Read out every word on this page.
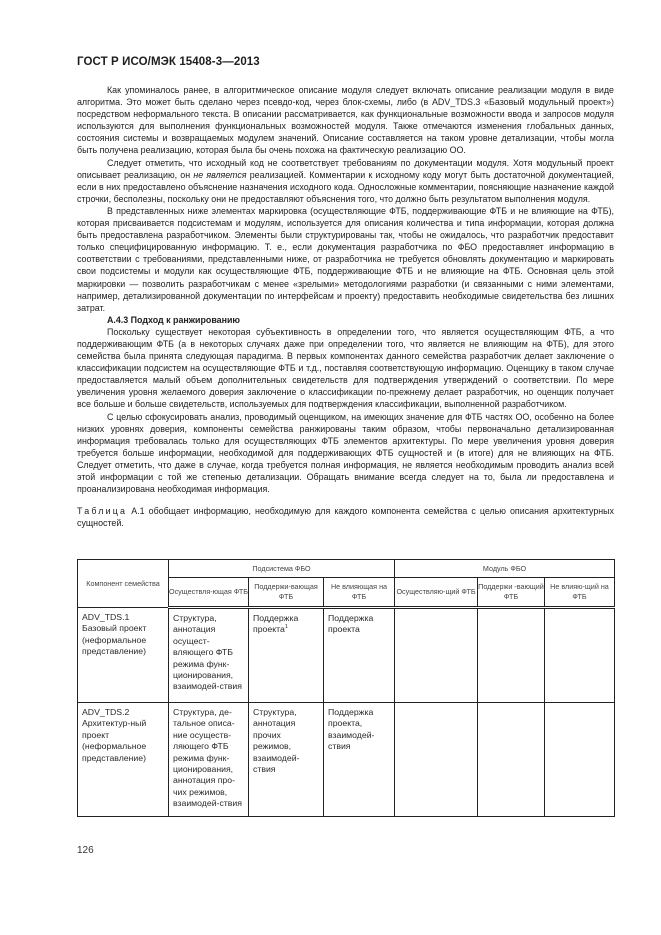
ГОСТ Р ИСО/МЭК 15408-3—2013

Как упоминалось ранее, в алгоритмическое описание модуля следует включать описание реализации модуля в виде алгоритма. Это может быть сделано через псевдо-код, через блок-схемы, либо (в ADV_TDS.3 «Базовый модульный проект») посредством неформального текста. В описании рассматривается, как функциональные возможности ввода и запросов модуля используются для выполнения функциональных возможностей модуля. Также отмечаются изменения глобальных данных, состояния системы и возвращаемых модулем значений. Описание составляется на таком уровне детализации, чтобы могла быть получена реализацию, которая была бы очень похожа на фактическую реализацию ОО.

Следует отметить, что исходный код не соответствует требованиям по документации модуля. Хотя модульный проект описывает реализацию, он не является реализацией. Комментарии к исходному коду могут быть достаточной документацией, если в них предоставлено объяснение назначения исходного кода. Односложные комментарии, поясняющие назначение каждой строчки, бесполезны, поскольку они не предоставляют объяснения того, что должно быть результатом выполнения модуля.

В представленных ниже элементах маркировка (осуществляющие ФТБ, поддерживающие ФТБ и не влияющие на ФТБ), которая присваивается подсистемам и модулям, используется для описания количества и типа информации, которая должна быть предоставлена разработчиком. Элементы были структурированы так, чтобы не ожидалось, что разработчик предоставит только специфицированную информацию. Т. е., если документация разработчика по ФБО предоставляет информацию в соответствии с требованиями, представленными ниже, от разработчика не требуется обновлять документацию и маркировать свои подсистемы и модули как осуществляющие ФТБ, поддерживающие ФТБ и не влияющие на ФТБ. Основная цель этой маркировки — позволить разработчикам с менее «зрелыми» методологиями разработки (и связанными с ними элементами, например, детализированной документации по интерфейсам и проекту) предоставить необходимые свидетельства без лишних затрат.

А.4.3 Подход к ранжированию

Поскольку существует некоторая субъективность в определении того, что является осуществляющим ФТБ, а что поддерживающим ФТБ (а в некоторых случаях даже при определении того, что является не влияющим на ФТБ), для этого семейства была принята следующая парадигма. В первых компонентах данного семейства разработчик делает заключение о классификации подсистем на осуществляющие ФТБ и т.д., поставляя соответствующую информацию. Оценщику в таком случае предоставляется малый объем дополнительных свидетельств для подтверждения утверждений о соответствии. По мере увеличения уровня желаемого доверия заключение о классификации по-прежнему делает разработчик, но оценщик получает все больше и больше свидетельств, используемых для подтверждения классификации, выполненной разработчиком.

С целью сфокусировать анализ, проводимый оценщиком, на имеющих значение для ФТБ частях ОО, особенно на более низких уровнях доверия, компоненты семейства ранжированы таким образом, чтобы первоначально детализированная информация требовалась только для осуществляющих ФТБ элементов архитектуры. По мере увеличения уровня доверия требуется больше информации, необходимой для поддерживающих ФТБ сущностей и (в итоге) для не влияющих на ФТБ. Следует отметить, что даже в случае, когда требуется полная информация, не является необходимым проводить анализ всей этой информации с той же степенью детализации. Обращать внимание всегда следует на то, была ли предоставлена и проанализирована необходимая информация.

Таблица А.1 обобщает информацию, необходимую для каждого компонента семейства с целью описания архитектурных сущностей.

Компонент семейства	Подсистема ФБО			Модуль ФБО		
	Осуществля-ющая ФТБ	Поддержи-вающая ФТБ	Не влияющая на ФТБ	Осуществляю-щий ФТБ	Поддержи -вающий ФТБ	Не влияю-щий на ФТБ
ADV_TDS.1 Базовый проект (неформальное представление)	Структура, аннотация осущест-вляющего ФТБ режима функ-ционирования, взаимодей-ствия	Поддержка проекта$^1$	Поддержка проекта			
ADV_TDS.2 Архитектур-ный проект (неформальное представление)	Структура, де-тальное описа-ние осуществ-ляющего ФТБ режима функ-ционирования, аннотация про-чих режимов, взаимодей-ствия	Структура, аннотация прочих режимов, взаимодей-ствия	Поддержка проекта, взаимодей-ствия			
126
